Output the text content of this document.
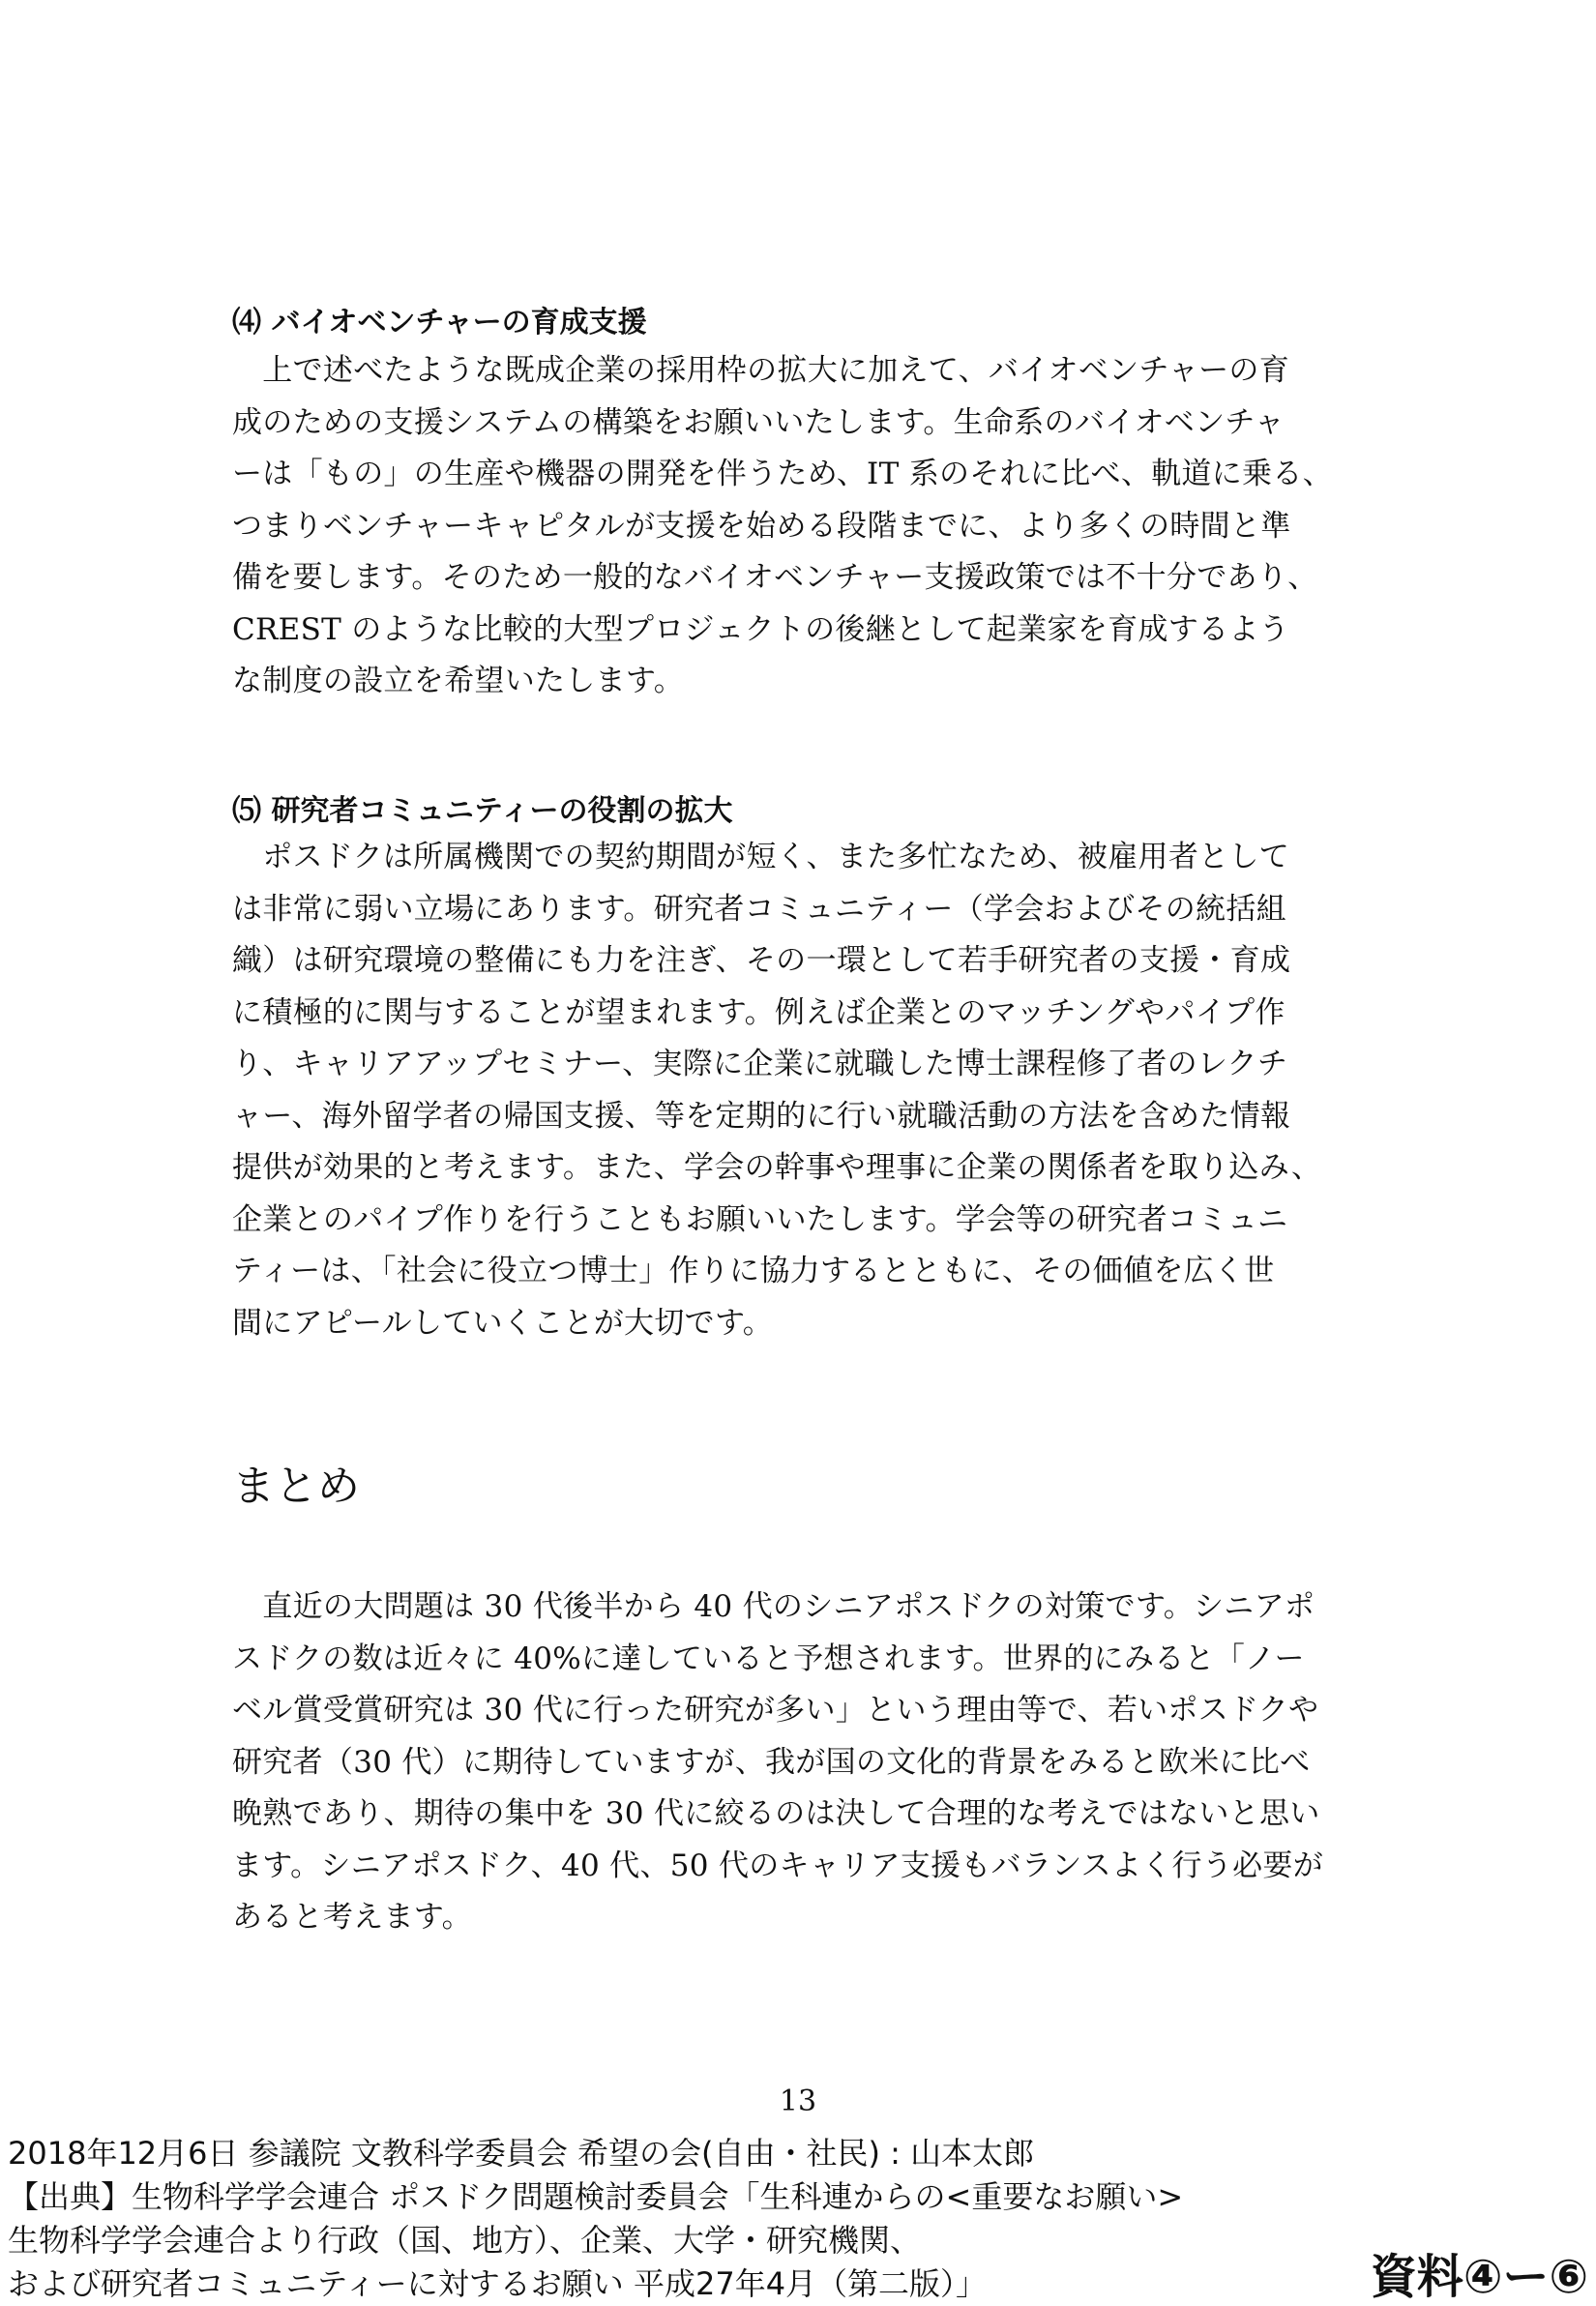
⑷ バイオベンチャーの育成支援
　上で述べたような既成企業の採用枠の拡大に加えて、バイオベンチャーの育
成のための支援システムの構築をお願いいたします。生命系のバイオベンチャ
ーは「もの」の生産や機器の開発を伴うため、IT 系のそれに比べ、軌道に乗る、
つまりベンチャーキャピタルが支援を始める段階までに、より多くの時間と準
備を要します。そのため一般的なバイオベンチャー支援政策では不十分であり、
CREST のような比較的大型プロジェクトの後継として起業家を育成するよう
な制度の設立を希望いたします。
⑸ 研究者コミュニティーの役割の拡大
　ポスドクは所属機関での契約期間が短く、また多忙なため、被雇用者として
は非常に弱い立場にあります。研究者コミュニティー（学会およびその統括組
織）は研究環境の整備にも力を注ぎ、その一環として若手研究者の支援・育成
に積極的に関与することが望まれます。例えば企業とのマッチングやパイプ作
り、キャリアアップセミナー、実際に企業に就職した博士課程修了者のレクチ
ャー、海外留学者の帰国支援、等を定期的に行い就職活動の方法を含めた情報
提供が効果的と考えます。また、学会の幹事や理事に企業の関係者を取り込み、
企業とのパイプ作りを行うこともお願いいたします。学会等の研究者コミュニ
ティーは、「社会に役立つ博士」作りに協力するとともに、その価値を広く世
間にアピールしていくことが大切です。
まとめ
　直近の大問題は 30 代後半から 40 代のシニアポスドクの対策です。シニアポ
スドクの数は近々に 40%に達していると予想されます。世界的にみると「ノー
ベル賞受賞研究は 30 代に行った研究が多い」という理由等で、若いポスドクや
研究者（30 代）に期待していますが、我が国の文化的背景をみると欧米に比べ
晩熟であり、期待の集中を 30 代に絞るのは決して合理的な考えではないと思い
ます。シニアポスドク、40 代、50 代のキャリア支援もバランスよく行う必要が
あると考えます。
13
2018年12月6日 参議院 文教科学委員会 希望の会(自由・社民) : 山本太郎
【出典】生物科学学会連合 ポスドク問題検討委員会「生科連からの<重要なお願い>
生物科学学会連合より行政（国、地方）、企業、大学・研究機関、
および研究者コミュニティーに対するお願い 平成27年4月（第二版）」	資料④ー⑥
